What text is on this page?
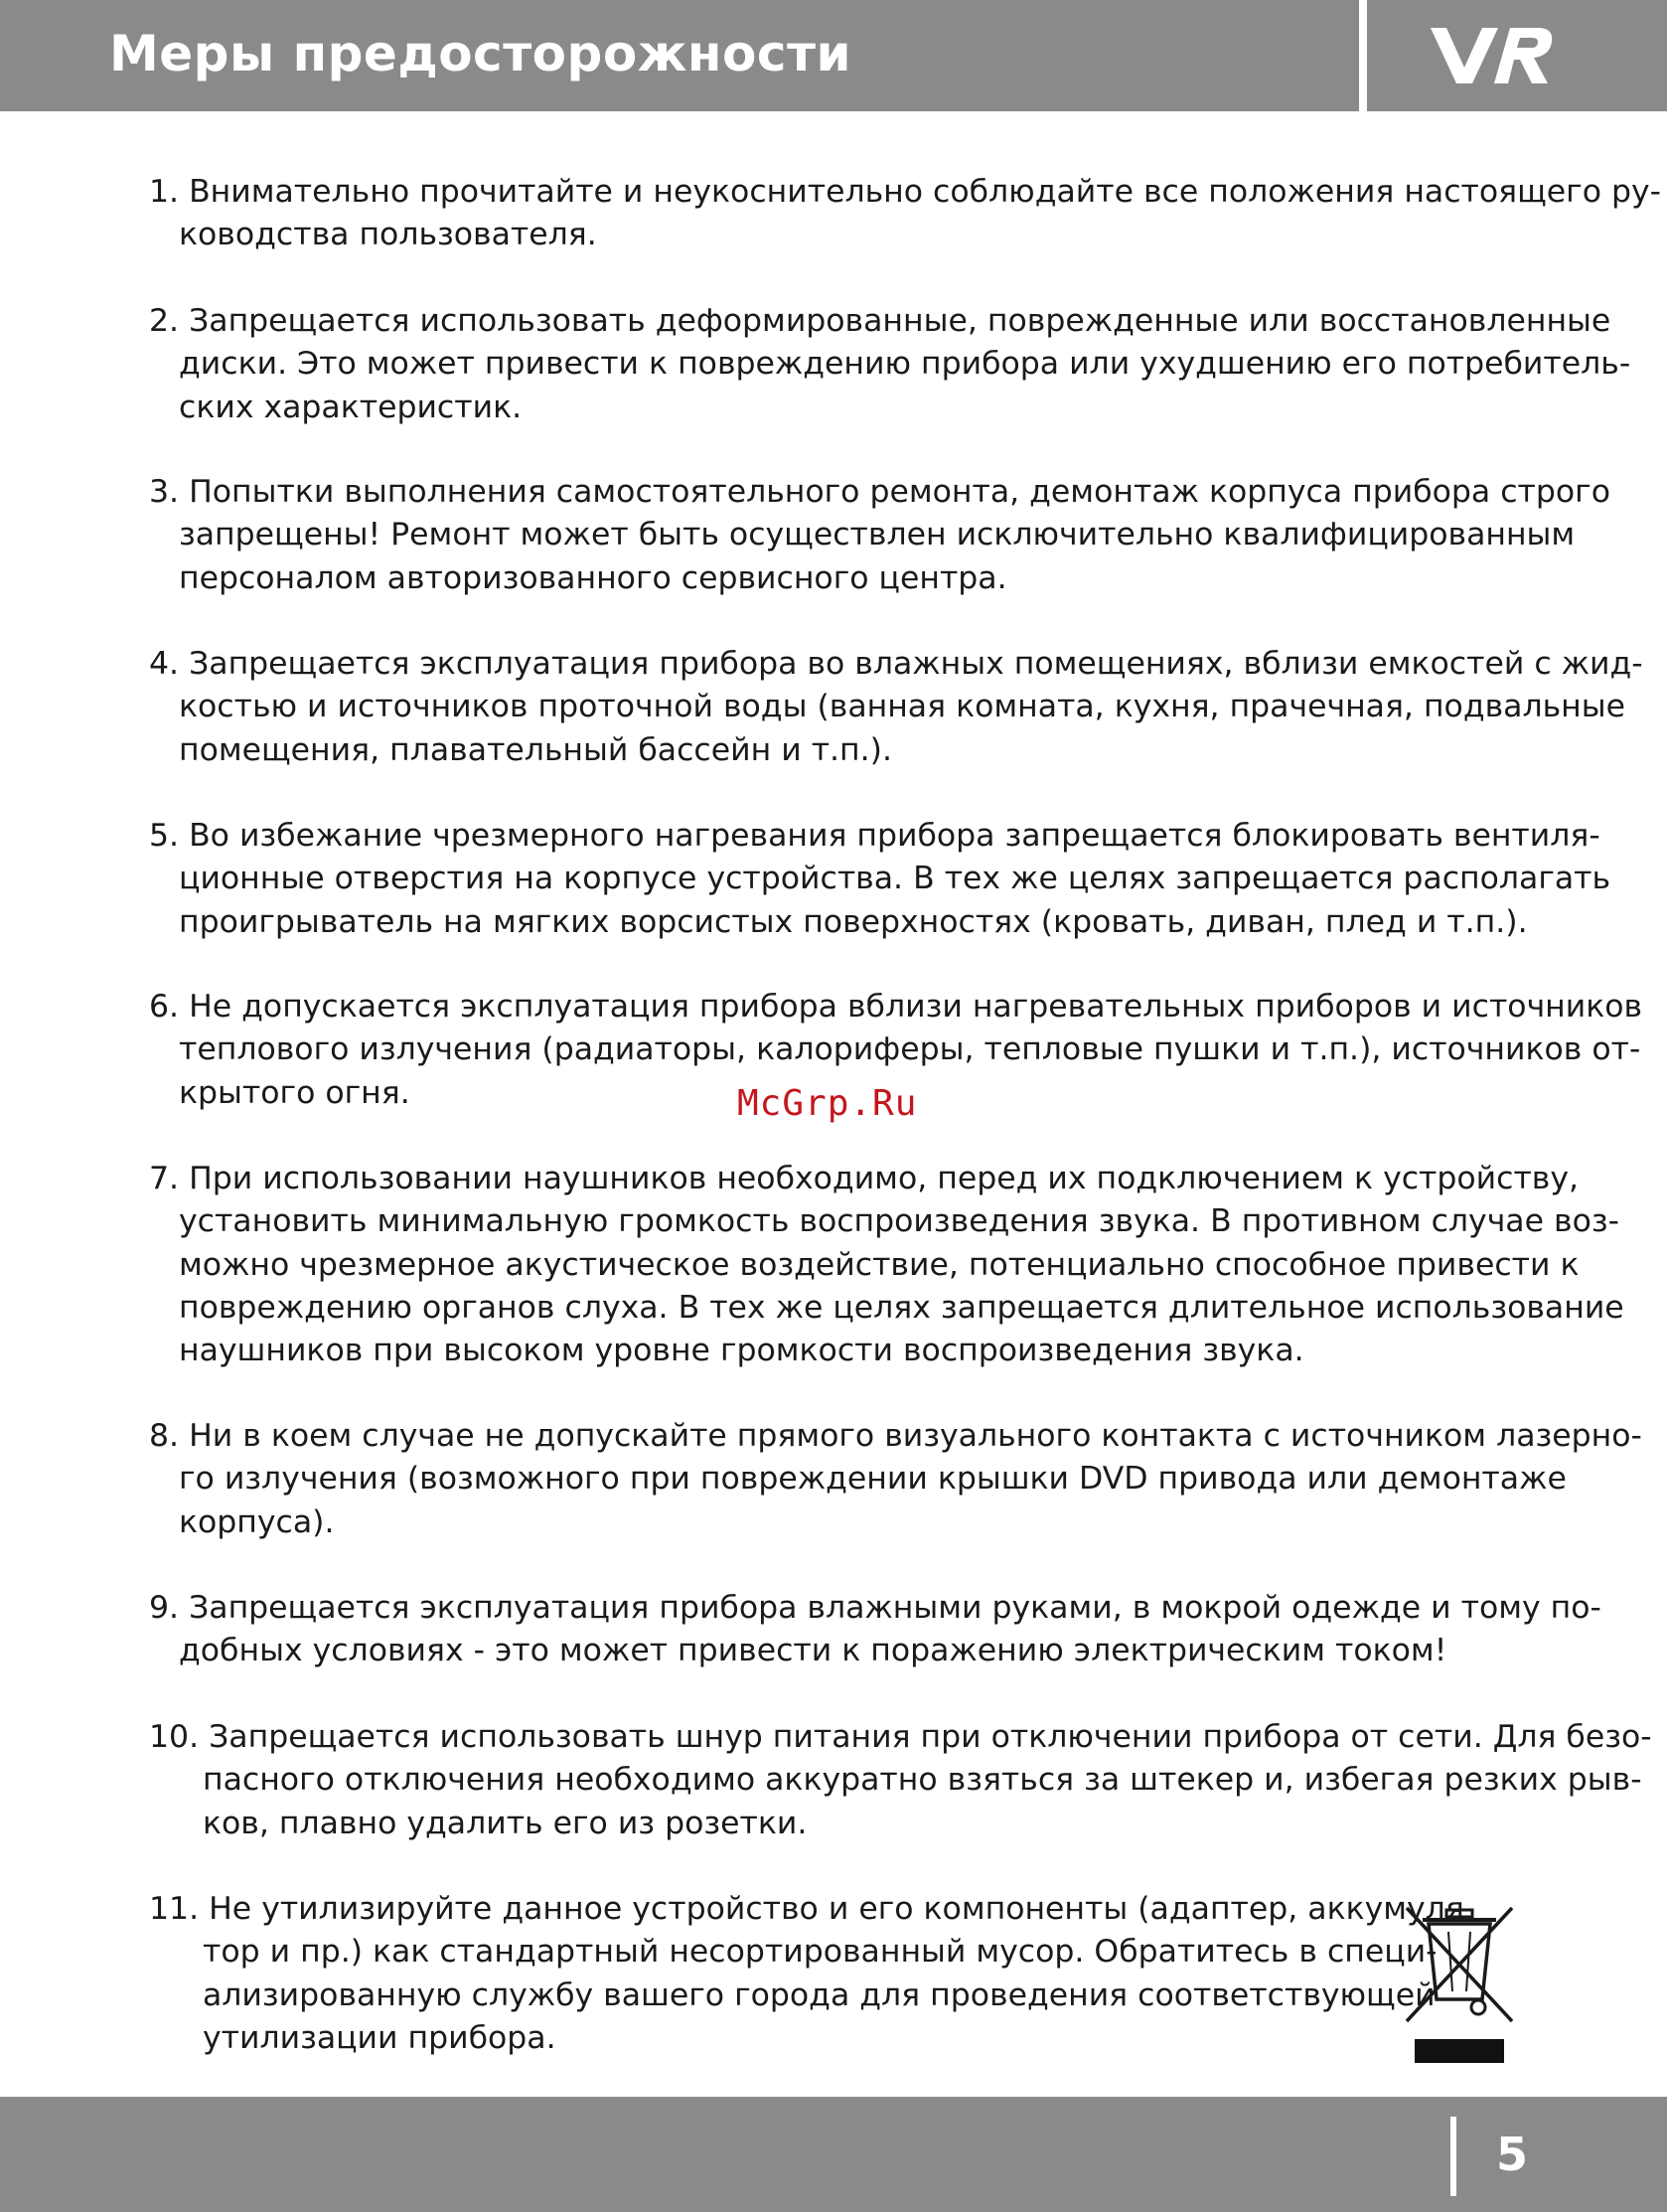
Меры предосторожности
1. Внимательно прочитайте и неукоснительно соблюдайте все положения настоящего ру-
ководства пользователя.
2. Запрещается использовать деформированные, поврежденные или восстановленные
диски. Это может привести к повреждению прибора или ухудшению его потребитель-
ских характеристик.
3. Попытки выполнения самостоятельного ремонта, демонтаж корпуса прибора строго
запрещены! Ремонт может быть осуществлен исключительно квалифицированным
персоналом авторизованного сервисного центра.
4. Запрещается эксплуатация прибора во влажных помещениях, вблизи емкостей с жид-
костью и источников проточной воды (ванная комната, кухня, прачечная, подвальные
помещения, плавательный бассейн и т.п.).
5. Во избежание чрезмерного нагревания прибора запрещается блокировать вентиля-
ционные отверстия на корпусе устройства. В тех же целях запрещается располагать
проигрыватель на мягких ворсистых поверхностях (кровать, диван, плед и т.п.).
6. Не допускается эксплуатация прибора вблизи нагревательных приборов и источников
теплового излучения (радиаторы, калориферы, тепловые пушки и т.п.), источников от-
крытого огня.
7. При использовании наушников необходимо, перед их подключением к устройству,
установить минимальную громкость воспроизведения звука. В противном случае воз-
можно чрезмерное акустическое воздействие, потенциально способное привести к
повреждению органов слуха. В тех же целях запрещается длительное использование
наушников при высоком уровне громкости воспроизведения звука.
8. Ни в коем случае не допускайте прямого визуального контакта с источником лазерно-
го излучения (возможного при повреждении крышки DVD привода или демонтаже
корпуса).
9. Запрещается эксплуатация прибора влажными руками, в мокрой одежде и тому по-
добных условиях - это может привести к поражению электрическим током!
10. Запрещается использовать шнур питания при отключении прибора от сети. Для безо-
пасного отключения необходимо аккуратно взяться за штекер и, избегая резких рыв-
ков, плавно удалить его из розетки.
11. Не утилизируйте данное устройство и его компоненты (адаптер, аккумуля-
тор и пр.) как стандартный несортированный мусор. Обратитесь в специ-
ализированную службу вашего города для проведения соответствующей
утилизации прибора.
McGrp.Ru
5
